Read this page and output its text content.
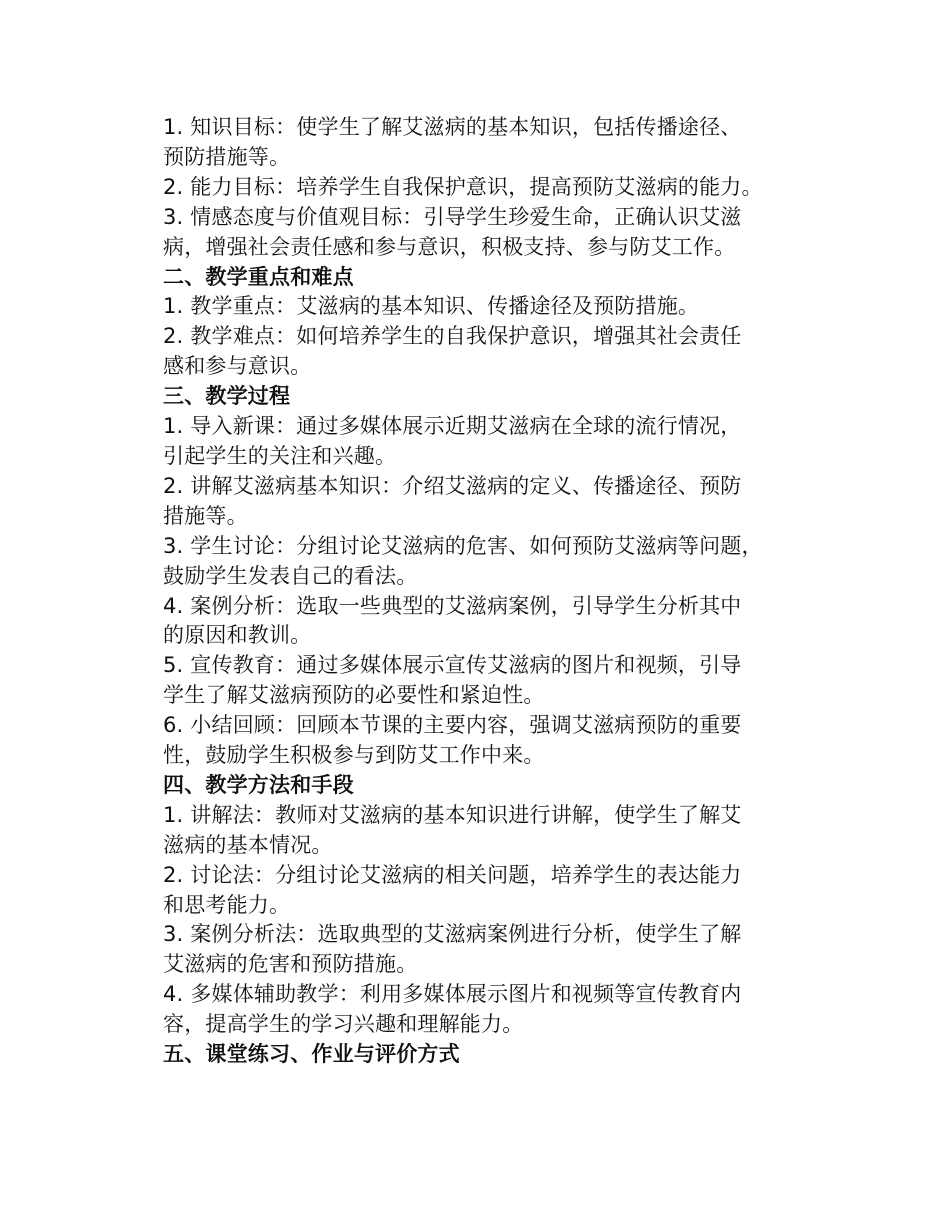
1. 知识目标：使学生了解艾滋病的基本知识，包括传播途径、
预防措施等。
2. 能力目标：培养学生自我保护意识，提高预防艾滋病的能力。
3. 情感态度与价值观目标：引导学生珍爱生命，正确认识艾滋
病，增强社会责任感和参与意识，积极支持、参与防艾工作。
二、教学重点和难点
1. 教学重点：艾滋病的基本知识、传播途径及预防措施。
2. 教学难点：如何培养学生的自我保护意识，增强其社会责任
感和参与意识。
三、教学过程
1. 导入新课：通过多媒体展示近期艾滋病在全球的流行情况，
引起学生的关注和兴趣。
2. 讲解艾滋病基本知识：介绍艾滋病的定义、传播途径、预防
措施等。
3. 学生讨论：分组讨论艾滋病的危害、如何预防艾滋病等问题，
鼓励学生发表自己的看法。
4. 案例分析：选取一些典型的艾滋病案例，引导学生分析其中
的原因和教训。
5. 宣传教育：通过多媒体展示宣传艾滋病的图片和视频，引导
学生了解艾滋病预防的必要性和紧迫性。
6. 小结回顾：回顾本节课的主要内容，强调艾滋病预防的重要
性，鼓励学生积极参与到防艾工作中来。
四、教学方法和手段
1. 讲解法：教师对艾滋病的基本知识进行讲解，使学生了解艾
滋病的基本情况。
2. 讨论法：分组讨论艾滋病的相关问题，培养学生的表达能力
和思考能力。
3. 案例分析法：选取典型的艾滋病案例进行分析，使学生了解
艾滋病的危害和预防措施。
4. 多媒体辅助教学：利用多媒体展示图片和视频等宣传教育内
容，提高学生的学习兴趣和理解能力。
五、课堂练习、作业与评价方式
